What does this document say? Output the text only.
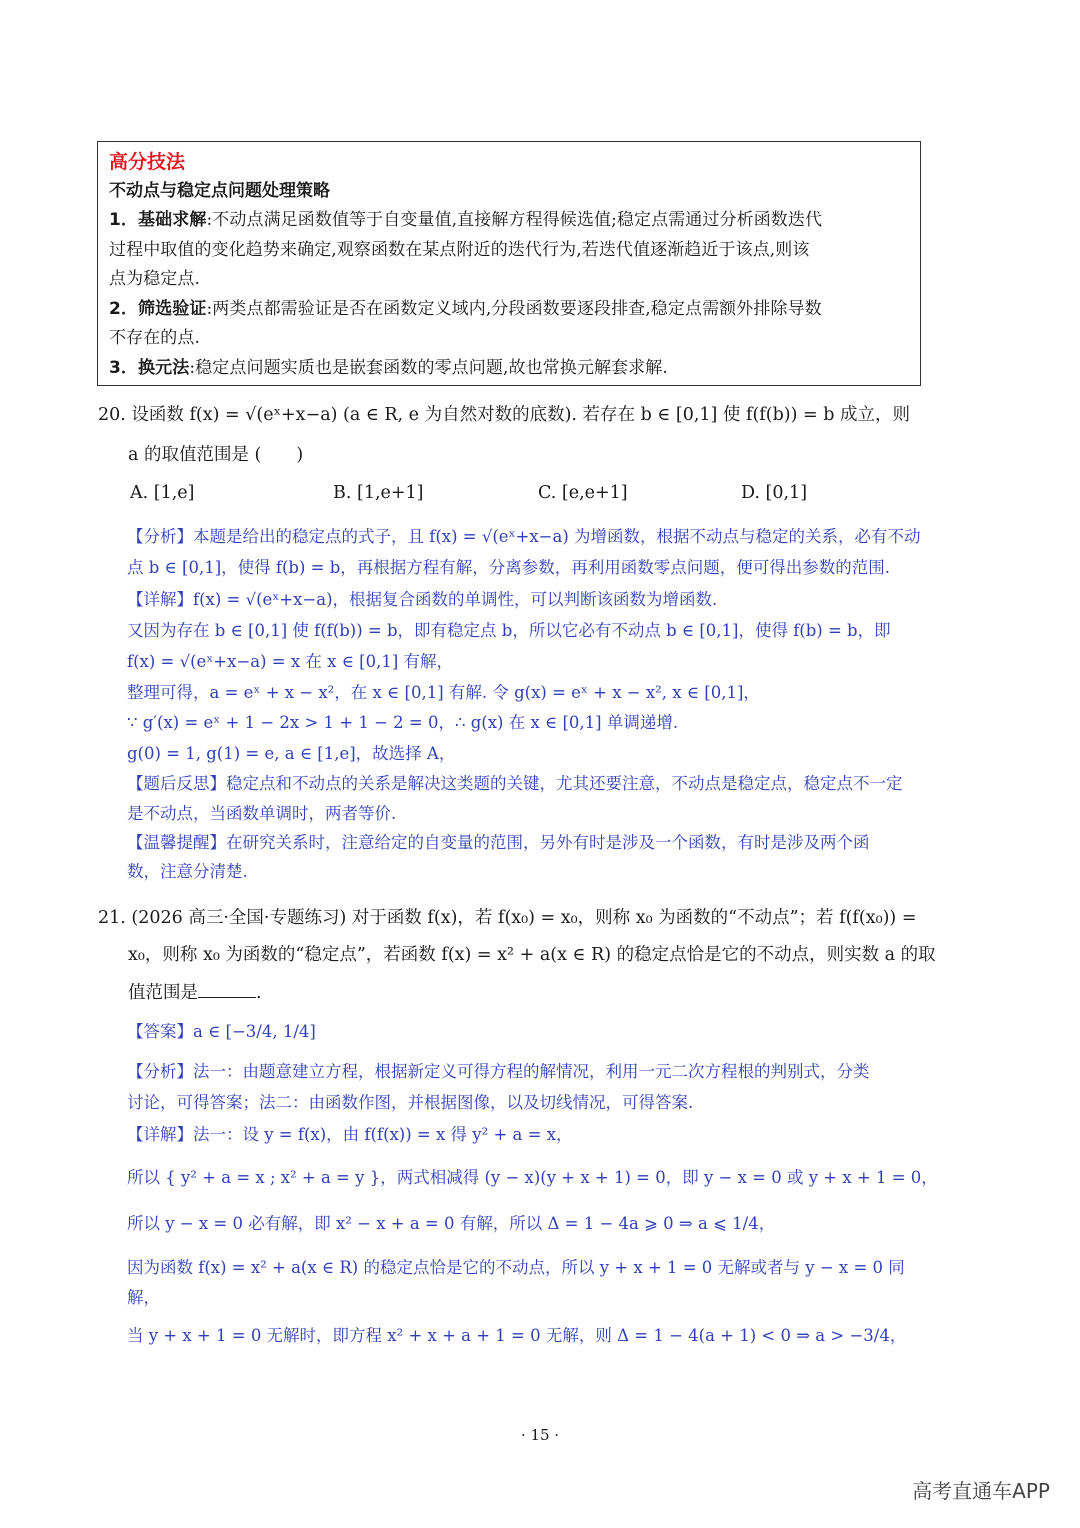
高分技法
不动点与稳定点问题处理策略
1．基础求解:不动点满足函数值等于自变量值,直接解方程得候选值;稳定点需通过分析函数迭代
过程中取值的变化趋势来确定,观察函数在某点附近的迭代行为,若迭代值逐渐趋近于该点,则该
点为稳定点.
2．筛选验证:两类点都需验证是否在函数定义域内,分段函数要逐段排查,稳定点需额外排除导数
不存在的点.
3．换元法:稳定点问题实质也是嵌套函数的零点问题,故也常换元解套求解.
20. 设函数 f(x) = √(eˣ+x−a) (a ∈ R, e 为自然对数的底数). 若存在 b ∈ [0,1] 使 f(f(b)) = b 成立，则
a 的取值范围是 (　　)
A. [1,e]	B. [1,e+1]	C. [e,e+1]	D. [0,1]
【分析】本题是给出的稳定点的式子，且 f(x) = √(eˣ+x−a) 为增函数，根据不动点与稳定的关系，必有不动
点 b ∈ [0,1]，使得 f(b) = b，再根据方程有解，分离参数，再利用函数零点问题，便可得出参数的范围.
【详解】f(x) = √(eˣ+x−a)，根据复合函数的单调性，可以判断该函数为增函数.
又因为存在 b ∈ [0,1] 使 f(f(b)) = b，即有稳定点 b，所以它必有不动点 b ∈ [0,1]，使得 f(b) = b，即
f(x) = √(eˣ+x−a) = x 在 x ∈ [0,1] 有解，
整理可得，a = eˣ + x − x²，在 x ∈ [0,1] 有解. 令 g(x) = eˣ + x − x², x ∈ [0,1]，
∵ g′(x) = eˣ + 1 − 2x > 1 + 1 − 2 = 0，∴ g(x) 在 x ∈ [0,1] 单调递增.
g(0) = 1, g(1) = e, a ∈ [1,e]，故选择 A，
【题后反思】稳定点和不动点的关系是解决这类题的关键，尤其还要注意，不动点是稳定点，稳定点不一定
是不动点，当函数单调时，两者等价.
【温馨提醒】在研究关系时，注意给定的自变量的范围，另外有时是涉及一个函数，有时是涉及两个函
数，注意分清楚.
21. (2026 高三·全国·专题练习) 对于函数 f(x)，若 f(x₀) = x₀，则称 x₀ 为函数的“不动点”；若 f(f(x₀)) =
x₀，则称 x₀ 为函数的“稳定点”，若函数 f(x) = x² + a(x ∈ R) 的稳定点恰是它的不动点，则实数 a 的取
值范围是	.
【答案】a ∈ [−3/4, 1/4]
【分析】法一：由题意建立方程，根据新定义可得方程的解情况，利用一元二次方程根的判别式，分类
讨论，可得答案；法二：由函数作图，并根据图像，以及切线情况，可得答案.
【详解】法一：设 y = f(x)，由 f(f(x)) = x 得 y² + a = x，
所以 { y² + a = x ; x² + a = y }，两式相减得 (y − x)(y + x + 1) = 0，即 y − x = 0 或 y + x + 1 = 0，
所以 y − x = 0 必有解，即 x² − x + a = 0 有解，所以 Δ = 1 − 4a ⩾ 0 ⇒ a ⩽ 1/4，
因为函数 f(x) = x² + a(x ∈ R) 的稳定点恰是它的不动点，所以 y + x + 1 = 0 无解或者与 y − x = 0 同
解，
当 y + x + 1 = 0 无解时，即方程 x² + x + a + 1 = 0 无解，则 Δ = 1 − 4(a + 1) < 0 ⇒ a > −3/4，
· 15 ·
高考直通车APP
